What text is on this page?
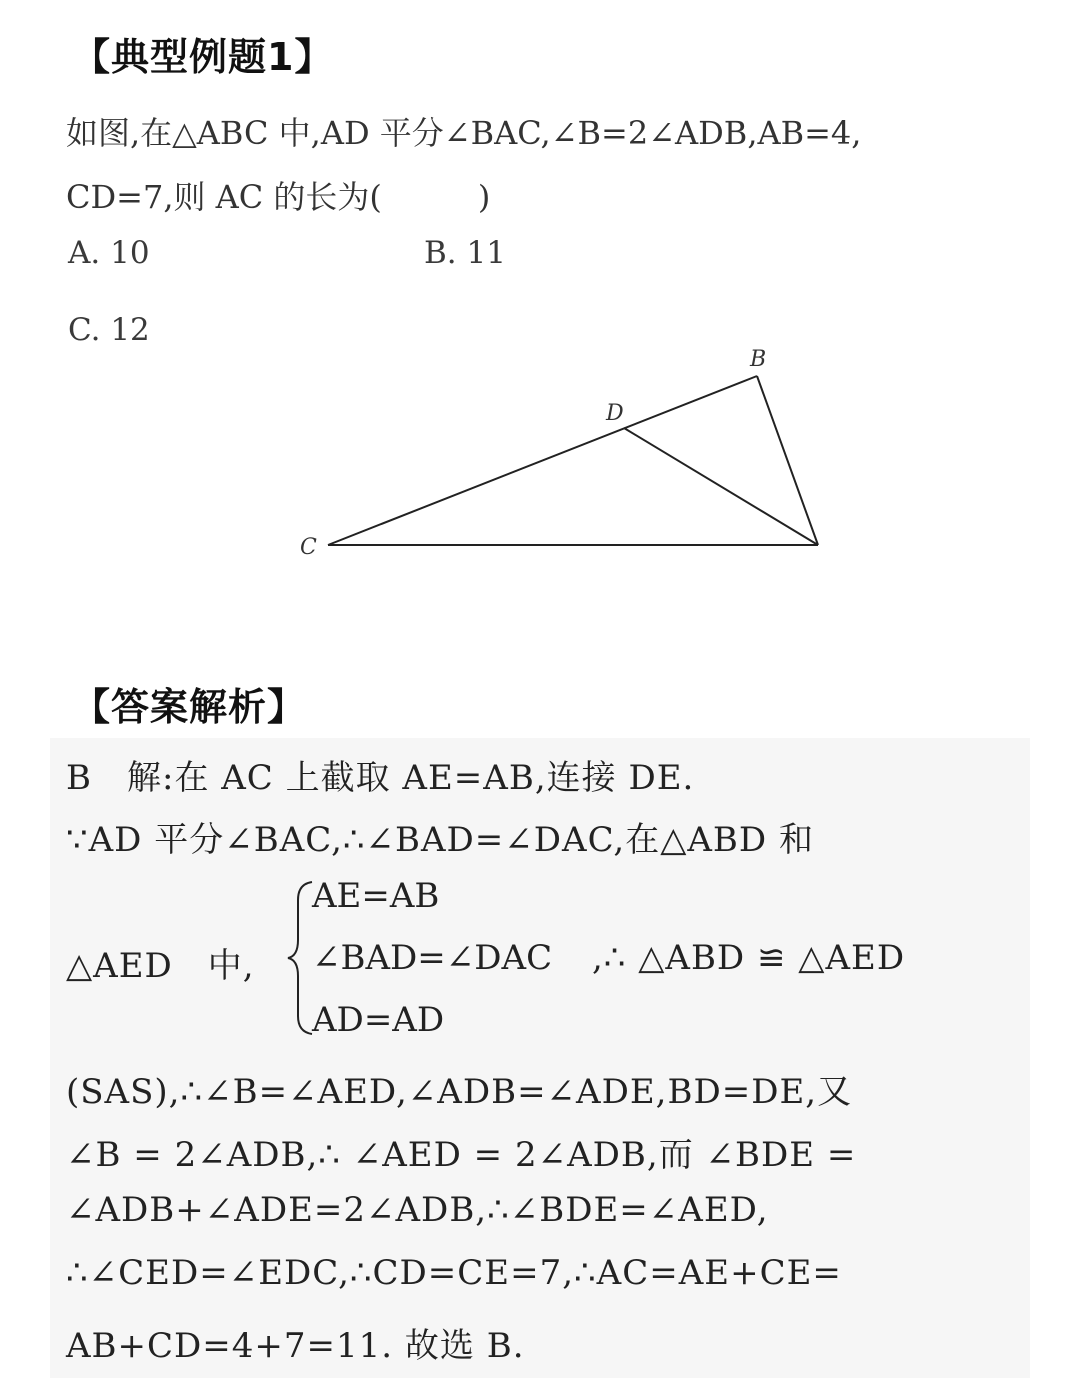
【典型例题1】
如图,在△ABC 中,AD 平分∠BAC,∠B=2∠ADB,AB=4,
CD=7,则 AC 的长为(　　　)
A. 10	B. 11
C. 12
B
D
C
【答案解析】
B　解:在 AC 上截取 AE=AB,连接 DE.
∵AD 平分∠BAC,∴∠BAD=∠DAC,在△ABD 和
△AED　中,
AE=AB
∠BAD=∠DAC
AD=AD
,∴ △ABD ≌ △AED
(SAS),∴∠B=∠AED,∠ADB=∠ADE,BD=DE,又
∠B = 2∠ADB,∴ ∠AED = 2∠ADB,而 ∠BDE =
∠ADB+∠ADE=2∠ADB,∴∠BDE=∠AED,
∴∠CED=∠EDC,∴CD=CE=7,∴AC=AE+CE=
AB+CD=4+7=11. 故选 B.
